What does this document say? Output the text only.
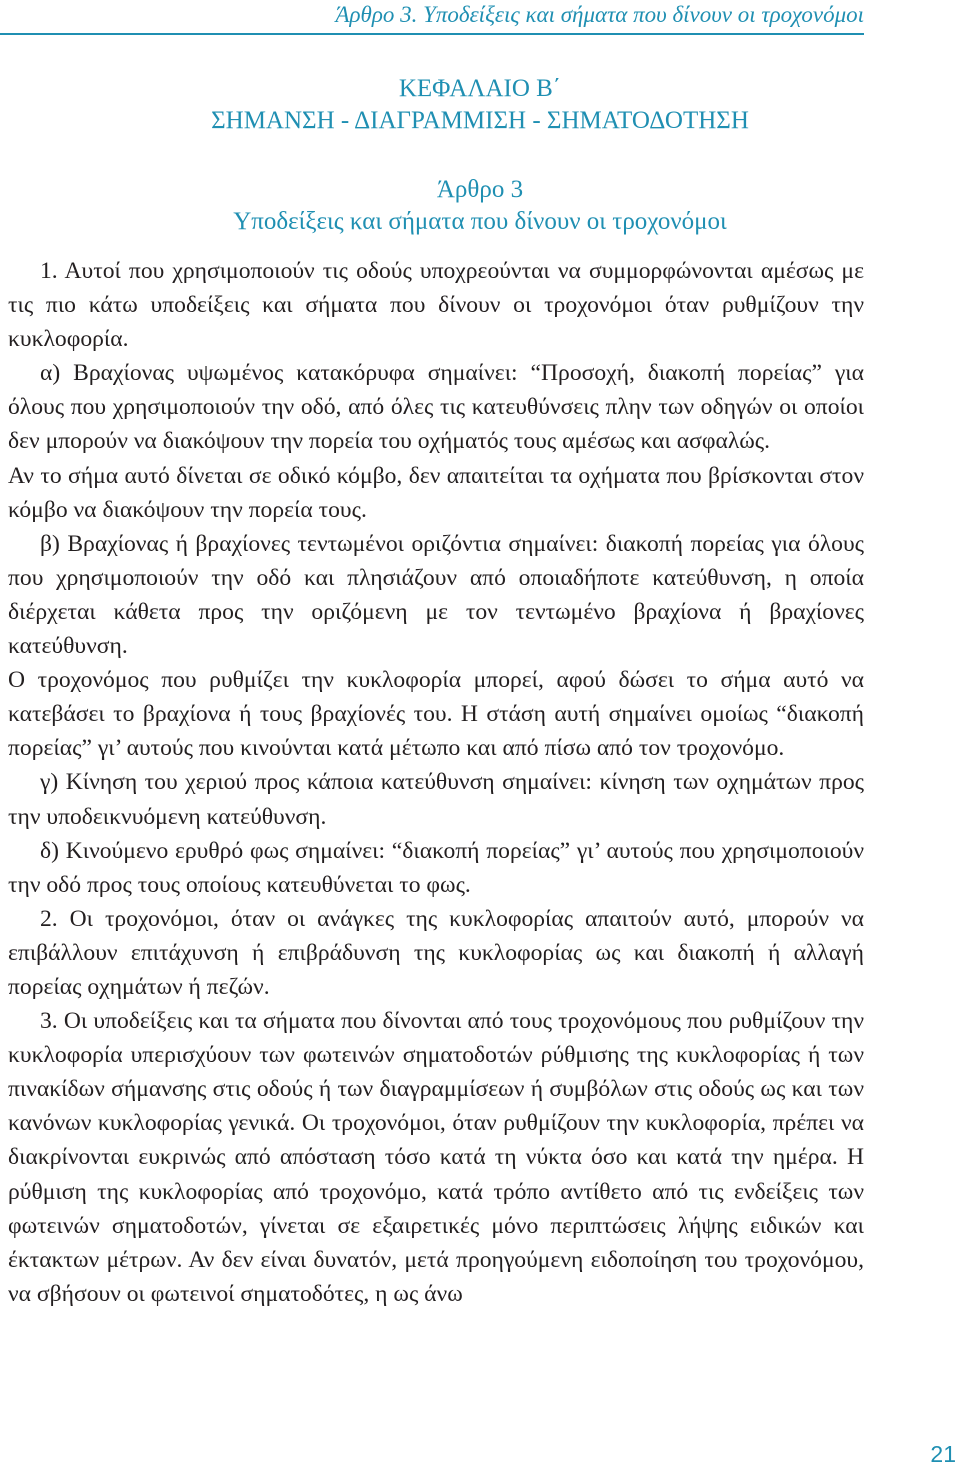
Άρθρο 3. Υποδείξεις και σήματα που δίνουν οι τροχονόμοι
ΚΕΦΑΛΑΙΟ Β΄
ΣΗΜΑΝΣΗ - ΔΙΑΓΡΑΜΜΙΣΗ - ΣΗΜΑΤΟΔΟΤΗΣΗ
Άρθρο 3
Υποδείξεις και σήματα που δίνουν οι τροχονόμοι

1. Αυτοί που χρησιμοποιούν τις οδούς υποχρεούνται να συμμορφώνονται αμέσως με τις πιο κάτω υποδείξεις και σήματα που δίνουν οι τροχονόμοι όταν ρυθμίζουν την κυκλοφορία.

α) Βραχίονας υψωμένος κατακόρυφα σημαίνει: “Προσοχή, διακοπή πορείας” για όλους που χρησιμοποιούν την οδό, από όλες τις κατευθύνσεις πλην των οδηγών οι οποίοι δεν μπορούν να διακόψουν την πορεία του οχήματός τους αμέσως και ασφαλώς.

Αν το σήμα αυτό δίνεται σε οδικό κόμβο, δεν απαιτείται τα οχήματα που βρίσκονται στον κόμβο να διακόψουν την πορεία τους.

β) Βραχίονας ή βραχίονες τεντωμένοι οριζόντια σημαίνει: διακοπή πορείας για όλους που χρησιμοποιούν την οδό και πλησιάζουν από οποιαδήποτε κατεύθυνση, η οποία διέρχεται κάθετα προς την οριζόμενη με τον τεντωμένο βραχίονα ή βραχίονες κατεύθυνση.

Ο τροχονόμος που ρυθμίζει την κυκλοφορία μπορεί, αφού δώσει το σήμα αυτό να κατεβάσει το βραχίονα ή τους βραχίονές του. Η στάση αυτή σημαίνει ομοίως “διακοπή πορείας” γι’ αυτούς που κινούνται κατά μέτωπο και από πίσω από τον τροχονόμο.

γ) Κίνηση του χεριού προς κάποια κατεύθυνση σημαίνει: κίνηση των οχημάτων προς την υποδεικνυόμενη κατεύθυνση.

δ) Κινούμενο ερυθρό φως σημαίνει: “διακοπή πορείας” γι’ αυτούς που χρησιμοποιούν την οδό προς τους οποίους κατευθύνεται το φως.

2. Οι τροχονόμοι, όταν οι ανάγκες της κυκλοφορίας απαιτούν αυτό, μπορούν να επιβάλλουν επιτάχυνση ή επιβράδυνση της κυκλοφορίας ως και διακοπή ή αλλαγή πορείας οχημάτων ή πεζών.

3. Οι υποδείξεις και τα σήματα που δίνονται από τους τροχονόμους που ρυθμίζουν την κυκλοφορία υπερισχύουν των φωτεινών σηματοδοτών ρύθμισης της κυκλοφορίας ή των πινακίδων σήμανσης στις οδούς ή των διαγραμμίσεων ή συμβόλων στις οδούς ως και των κανόνων κυκλοφορίας γενικά. Οι τροχονόμοι, όταν ρυθμίζουν την κυκλοφορία, πρέπει να διακρίνονται ευκρινώς από απόσταση τόσο κατά τη νύκτα όσο και κατά την ημέρα. Η ρύθμιση της κυκλοφορίας από τροχονόμο, κατά τρόπο αντίθετο από τις ενδείξεις των φωτεινών σηματοδοτών, γίνεται σε εξαιρετικές μόνο περιπτώσεις λήψης ειδικών και έκτακτων μέτρων. Αν δεν είναι δυνατόν, μετά προηγούμενη ειδοποίηση του τροχονόμου, να σβήσουν οι φωτεινοί σηματοδότες, η ως άνω

21
